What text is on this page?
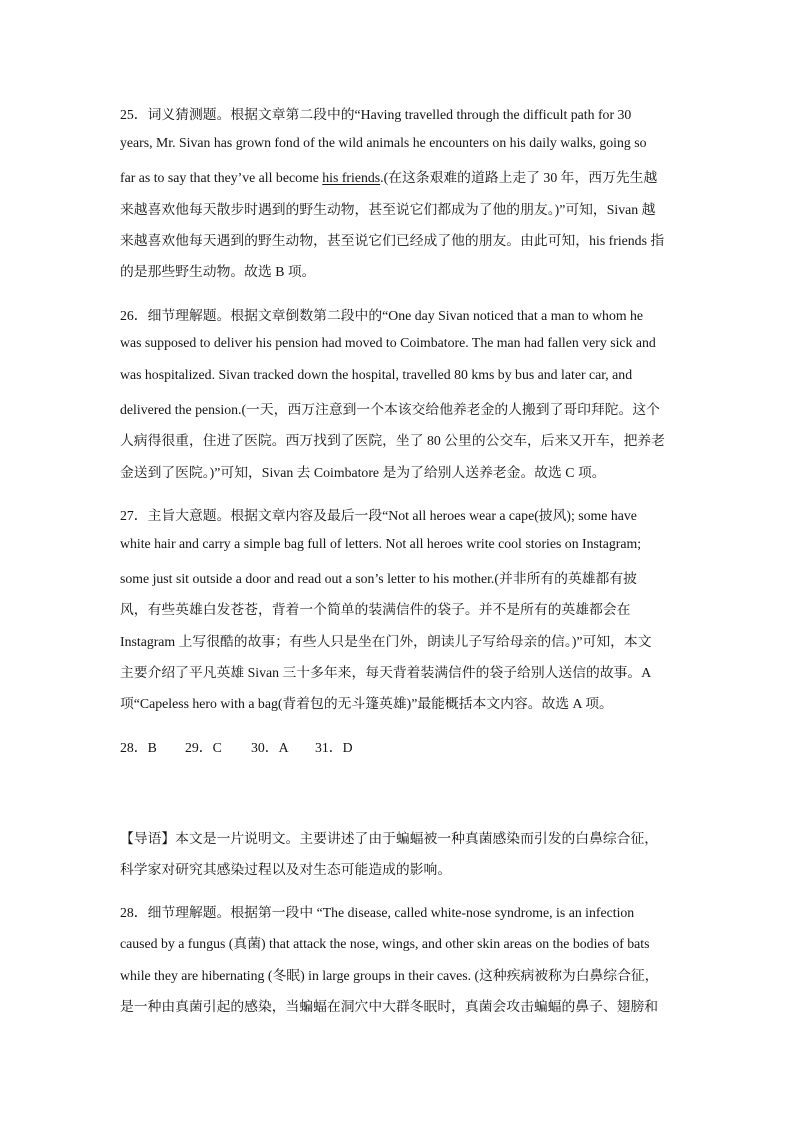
25．词义猜测题。根据文章第二段中的“Having travelled through the difficult path for 30
years, Mr. Sivan has grown fond of the wild animals he encounters on his daily walks, going so
far as to say that they’ve all become his friends.(在这条艰难的道路上走了 30 年，西万先生越
来越喜欢他每天散步时遇到的野生动物，甚至说它们都成为了他的朋友。)”可知，Sivan 越
来越喜欢他每天遇到的野生动物，甚至说它们已经成了他的朋友。由此可知，his friends 指
的是那些野生动物。故选 B 项。
26．细节理解题。根据文章倒数第二段中的“One day Sivan noticed that a man to whom he
was supposed to deliver his pension had moved to Coimbatore. The man had fallen very sick and
was hospitalized. Sivan tracked down the hospital, travelled 80 kms by bus and later car, and
delivered the pension.(一天，西万注意到一个本该交给他养老金的人搬到了哥印拜陀。这个
人病得很重，住进了医院。西万找到了医院，坐了 80 公里的公交车，后来又开车，把养老
金送到了医院。)”可知，Sivan 去 Coimbatore 是为了给别人送养老金。故选 C 项。
27．主旨大意题。根据文章内容及最后一段“Not all heroes wear a cape(披风); some have
white hair and carry a simple bag full of letters. Not all heroes write cool stories on Instagram;
some just sit outside a door and read out a son’s letter to his mother.(并非所有的英雄都有披
风，有些英雄白发苍苍，背着一个简单的装满信件的袋子。并不是所有的英雄都会在
Instagram 上写很酷的故事；有些人只是坐在门外，朗读儿子写给母亲的信。)”可知，本文
主要介绍了平凡英雄 Sivan 三十多年来，每天背着装满信件的袋子给别人送信的故事。A
项“Capeless hero with a bag(背着包的无斗篷英雄)”最能概括本文内容。故选 A 项。
28．B 29．C 30．A 31．D
【导语】本文是一片说明文。主要讲述了由于蝙蝠被一种真菌感染而引发的白鼻综合征，
科学家对研究其感染过程以及对生态可能造成的影响。
28．细节理解题。根据第一段中 “The disease, called white-nose syndrome, is an infection
caused by a fungus (真菌) that attack the nose, wings, and other skin areas on the bodies of bats
while they are hibernating (冬眠) in large groups in their caves. (这种疾病被称为白鼻综合征，
是一种由真菌引起的感染，当蝙蝠在洞穴中大群冬眠时，真菌会攻击蝙蝠的鼻子、翅膀和
